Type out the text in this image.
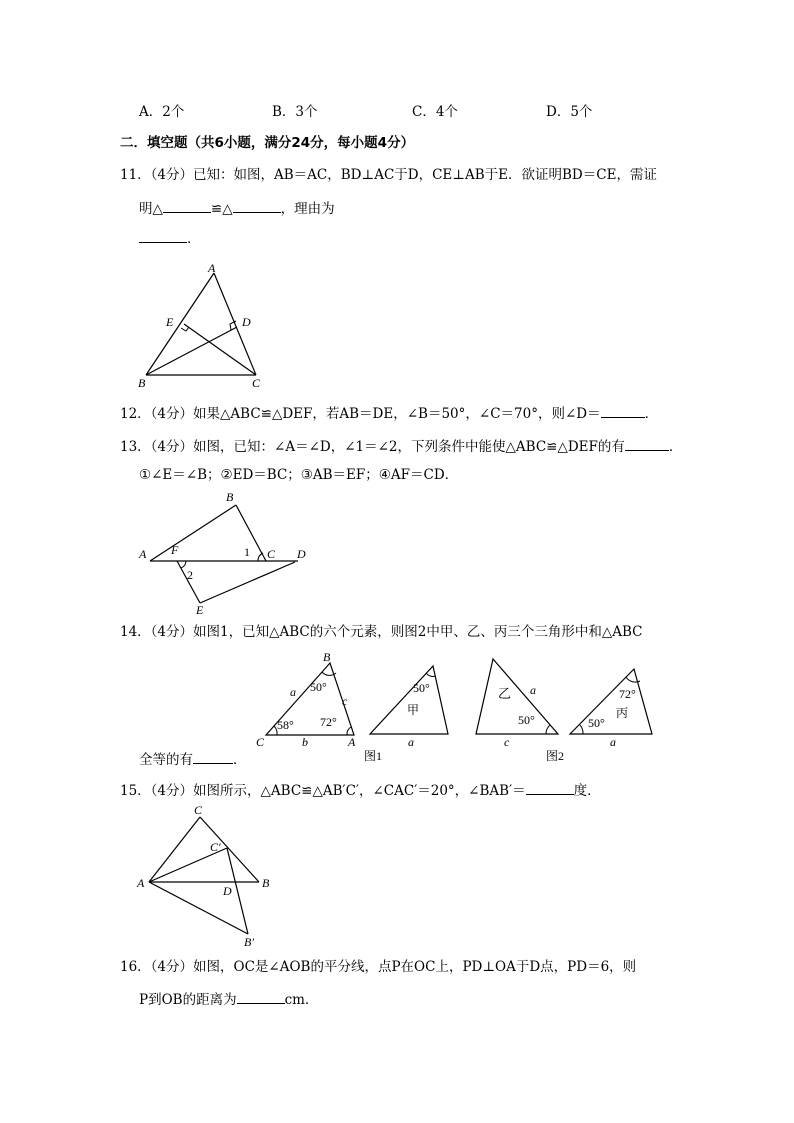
A．2个	B．3个	C．4个	D．5个
二．填空题（共6小题，满分24分，每小题4分）
11．（4分）已知：如图，AB＝AC，BD⊥AC于D，CE⊥AB于E．欲证明BD＝CE，需证
明△	≌△	，理由为
．
A
E	D
B	C
12．（4分）如果△ABC≌△DEF，若AB＝DE，∠B＝50°，∠C＝70°，则∠D＝	．
13．（4分）如图，已知：∠A＝∠D，∠1＝∠2，下列条件中能使△ABC≌△DEF的有	．
①∠E＝∠B；②ED＝BC；③AB＝EF；④AF＝CD．
A
B
F	1 C D
2
E
14．（4分）如图1，已知△ABC的六个元素，则图2中甲、乙、丙三个三角形中和△ABC
B
a 50°
c
58° 72°
C	b	A
图1
50°
甲
a
乙 a
50°
c
图2
72°
丙
50°
a
全等的有	．
15．（4分）如图所示，△ABC≌△AB′C′，∠CAC′＝20°，∠BAB′＝	度．
C
C′
A
D
B
B′
16．（4分）如图，OC是∠AOB的平分线，点P在OC上，PD⊥OA于D点，PD＝6，则
P到OB的距离为	cm．
